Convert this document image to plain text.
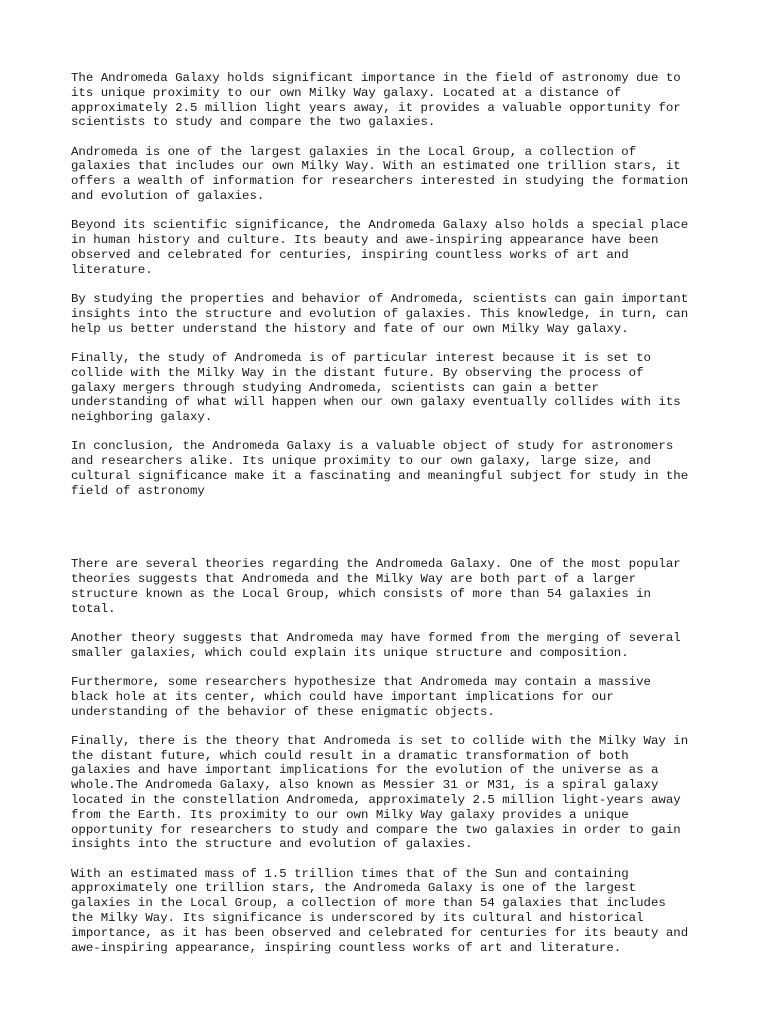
The Andromeda Galaxy holds significant importance in the field of astronomy due to
its unique proximity to our own Milky Way galaxy. Located at a distance of
approximately 2.5 million light years away, it provides a valuable opportunity for
scientists to study and compare the two galaxies.

Andromeda is one of the largest galaxies in the Local Group, a collection of
galaxies that includes our own Milky Way. With an estimated one trillion stars, it
offers a wealth of information for researchers interested in studying the formation
and evolution of galaxies.

Beyond its scientific significance, the Andromeda Galaxy also holds a special place
in human history and culture. Its beauty and awe-inspiring appearance have been
observed and celebrated for centuries, inspiring countless works of art and
literature.

By studying the properties and behavior of Andromeda, scientists can gain important
insights into the structure and evolution of galaxies. This knowledge, in turn, can
help us better understand the history and fate of our own Milky Way galaxy.

Finally, the study of Andromeda is of particular interest because it is set to
collide with the Milky Way in the distant future. By observing the process of
galaxy mergers through studying Andromeda, scientists can gain a better
understanding of what will happen when our own galaxy eventually collides with its
neighboring galaxy.

In conclusion, the Andromeda Galaxy is a valuable object of study for astronomers
and researchers alike. Its unique proximity to our own galaxy, large size, and
cultural significance make it a fascinating and meaningful subject for study in the
field of astronomy

There are several theories regarding the Andromeda Galaxy. One of the most popular
theories suggests that Andromeda and the Milky Way are both part of a larger
structure known as the Local Group, which consists of more than 54 galaxies in
total.

Another theory suggests that Andromeda may have formed from the merging of several
smaller galaxies, which could explain its unique structure and composition.

Furthermore, some researchers hypothesize that Andromeda may contain a massive
black hole at its center, which could have important implications for our
understanding of the behavior of these enigmatic objects.

Finally, there is the theory that Andromeda is set to collide with the Milky Way in
the distant future, which could result in a dramatic transformation of both
galaxies and have important implications for the evolution of the universe as a
whole.The Andromeda Galaxy, also known as Messier 31 or M31, is a spiral galaxy
located in the constellation Andromeda, approximately 2.5 million light-years away
from the Earth. Its proximity to our own Milky Way galaxy provides a unique
opportunity for researchers to study and compare the two galaxies in order to gain
insights into the structure and evolution of galaxies.

With an estimated mass of 1.5 trillion times that of the Sun and containing
approximately one trillion stars, the Andromeda Galaxy is one of the largest
galaxies in the Local Group, a collection of more than 54 galaxies that includes
the Milky Way. Its significance is underscored by its cultural and historical
importance, as it has been observed and celebrated for centuries for its beauty and
awe-inspiring appearance, inspiring countless works of art and literature.
